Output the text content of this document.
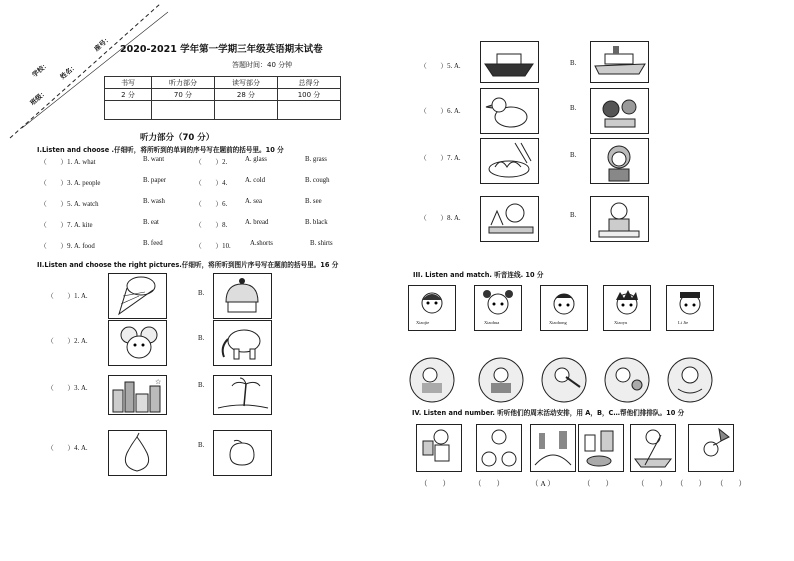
学校： 姓名：
班级：
座号： 2020-2021 学年第一学期三年级英语期末试卷
答题时间：40 分钟
书写	听力部分	读写部分	总得分
2 分	70 分	28 分	100 分

听力部分（70 分）
I.Listen and choose .仔细听，将所听到的单词的序号写在题前的括号里。10 分
（　　）1. A. what	B. want	（　　）2.	A. glass	B. grass
（　　）3. A. people	B. paper	（　　）4.	A. cold	B. cough
（　　）5. A. watch	B. wash	（　　）6.	A. sea	B. see
（　　）7. A. kite	B. eat	（　　）8.	A. bread	B. black
（　　）9. A. food	B. feed	（　　）10.	A.shorts	B. shirts
II.Listen and choose the right pictures.仔细听，将所听到图片序号写在题前的括号里。16 分
（　　）1. A.	B.
（　　）2. A.	B.
（　　）3. A.
☆	B.
（　　）4. A.	B.
（　　）5. A.	B.
（　　）6. A.	B.
（　　）7. A.	B.
（　　）8. A.	B.
III. Listen and match. 听音连线. 10 分
Xiaojie	Xiaohua	Xiaohong	Xiaoyu	Li Jie
IV. Listen and number. 听听他们的周末活动安排，用 A，B，C…帮他们排排队。10 分
（　　）	（　　）	（ A ）	（　　）	（　　） （　　） （　　）
